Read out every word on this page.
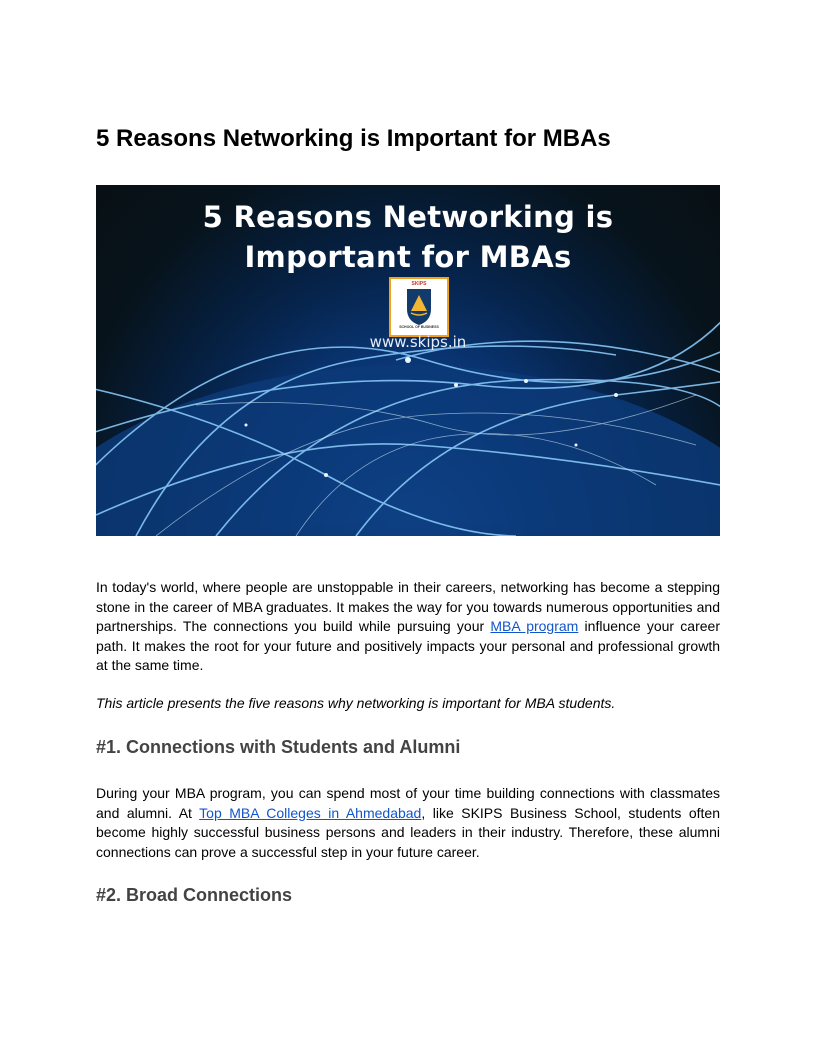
5 Reasons Networking is Important for MBAs
5 Reasons Networking is
Important for MBAs
SKIPS
SCHOOL OF BUSINESS
www.skips.in

In today's world, where people are unstoppable in their careers, networking has become a stepping stone in the career of MBA graduates. It makes the way for you towards numerous opportunities and partnerships. The connections you build while pursuing your MBA program influence your career path. It makes the root for your future and positively impacts your personal and professional growth at the same time.

This article presents the five reasons why networking is important for MBA students.

#1. Connections with Students and Alumni

During your MBA program, you can spend most of your time building connections with classmates and alumni. At Top MBA Colleges in Ahmedabad, like SKIPS Business School, students often become highly successful business persons and leaders in their industry. Therefore, these alumni connections can prove a successful step in your future career.

#2. Broad Connections
